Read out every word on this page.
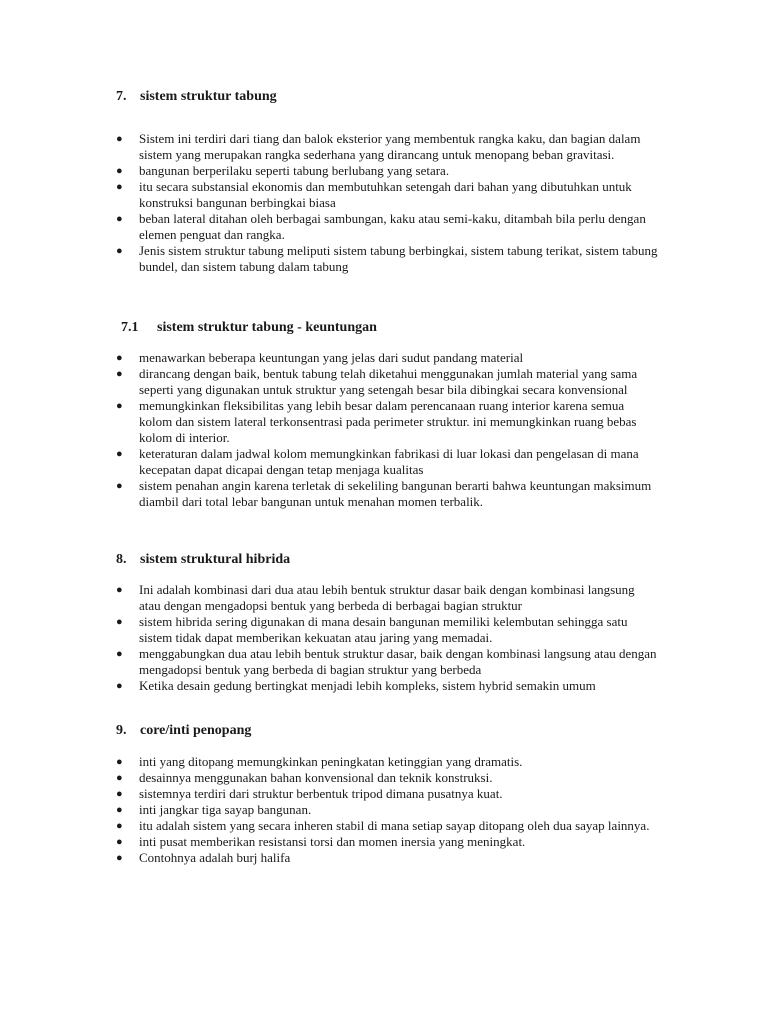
7. sistem struktur tabung
● Sistem ini terdiri dari tiang dan balok eksterior yang membentuk rangka kaku, dan bagian dalam sistem yang merupakan rangka sederhana yang dirancang untuk menopang beban gravitasi.
● bangunan berperilaku seperti tabung berlubang yang setara.
● itu secara substansial ekonomis dan membutuhkan setengah dari bahan yang dibutuhkan untuk konstruksi bangunan berbingkai biasa
● beban lateral ditahan oleh berbagai sambungan, kaku atau semi-kaku, ditambah bila perlu dengan elemen penguat dan rangka.
● Jenis sistem struktur tabung meliputi sistem tabung berbingkai, sistem tabung terikat, sistem tabung bundel, dan sistem tabung dalam tabung
7.1 sistem struktur tabung - keuntungan
● menawarkan beberapa keuntungan yang jelas dari sudut pandang material
● dirancang dengan baik, bentuk tabung telah diketahui menggunakan jumlah material yang sama seperti yang digunakan untuk struktur yang setengah besar bila dibingkai secara konvensional
● memungkinkan fleksibilitas yang lebih besar dalam perencanaan ruang interior karena semua kolom dan sistem lateral terkonsentrasi pada perimeter struktur. ini memungkinkan ruang bebas kolom di interior.
● keteraturan dalam jadwal kolom memungkinkan fabrikasi di luar lokasi dan pengelasan di mana kecepatan dapat dicapai dengan tetap menjaga kualitas
● sistem penahan angin karena terletak di sekeliling bangunan berarti bahwa keuntungan maksimum diambil dari total lebar bangunan untuk menahan momen terbalik.
8. sistem struktural hibrida
● Ini adalah kombinasi dari dua atau lebih bentuk struktur dasar baik dengan kombinasi langsung atau dengan mengadopsi bentuk yang berbeda di berbagai bagian struktur
● sistem hibrida sering digunakan di mana desain bangunan memiliki kelembutan sehingga satu sistem tidak dapat memberikan kekuatan atau jaring yang memadai.
● menggabungkan dua atau lebih bentuk struktur dasar, baik dengan kombinasi langsung atau dengan mengadopsi bentuk yang berbeda di bagian struktur yang berbeda
● Ketika desain gedung bertingkat menjadi lebih kompleks, sistem hybrid semakin umum
9. core/inti penopang
● inti yang ditopang memungkinkan peningkatan ketinggian yang dramatis.
● desainnya menggunakan bahan konvensional dan teknik konstruksi.
● sistemnya terdiri dari struktur berbentuk tripod dimana pusatnya kuat.
● inti jangkar tiga sayap bangunan.
● itu adalah sistem yang secara inheren stabil di mana setiap sayap ditopang oleh dua sayap lainnya.
● inti pusat memberikan resistansi torsi dan momen inersia yang meningkat.
● Contohnya adalah burj halifa
